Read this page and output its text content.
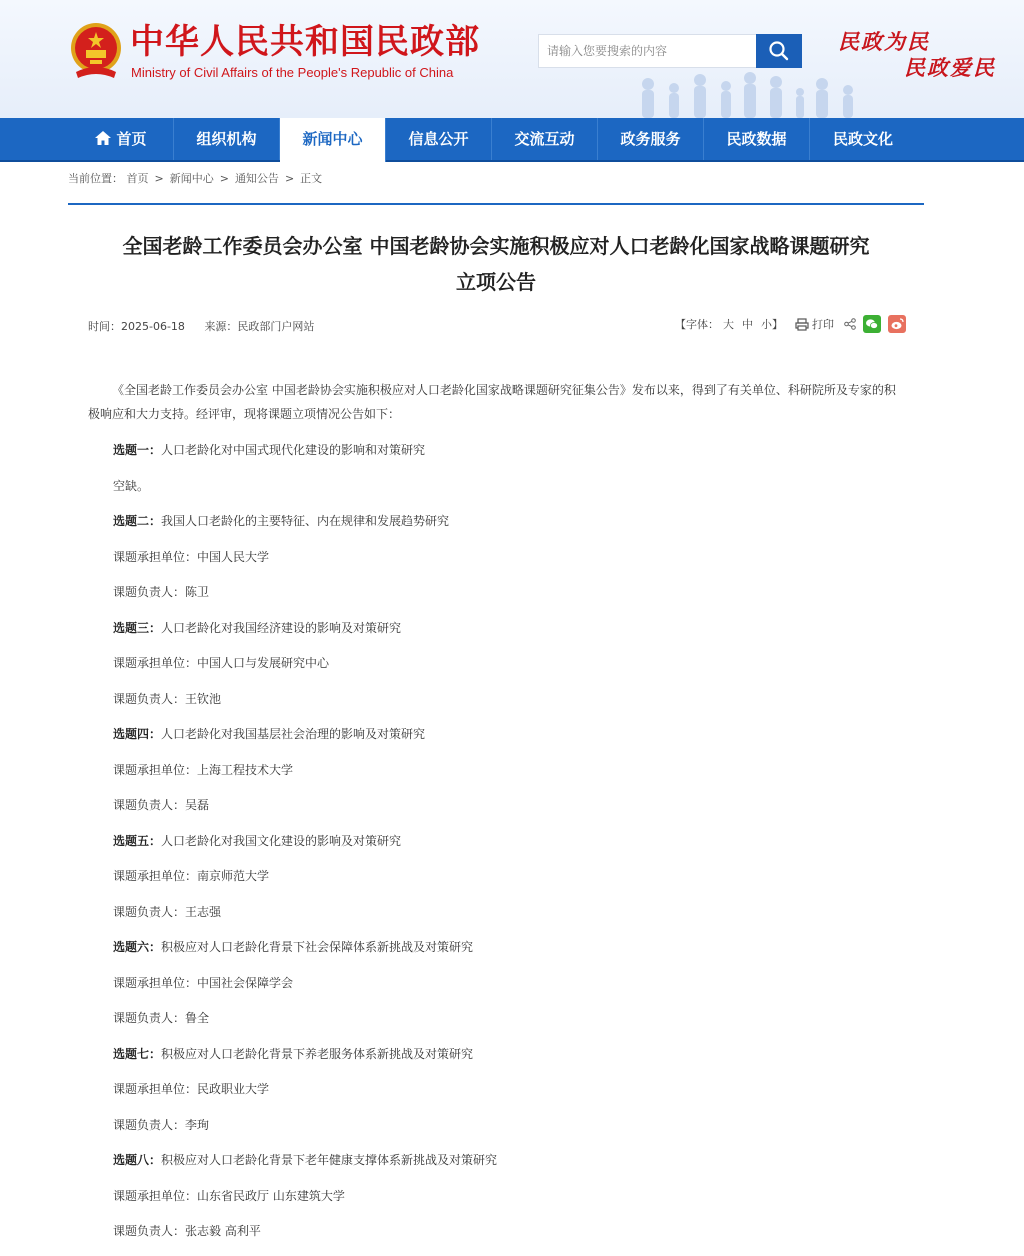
中华人民共和国民政部
Ministry of Civil Affairs of the People's Republic of China
请输入您要搜索的内容
民政为民
民政爱民
首页	组织机构	新闻中心	信息公开	交流互动	政务服务	民政数据	民政文化
当前位置： 首页 > 新闻中心 > 通知公告 > 正文
全国老龄工作委员会办公室 中国老龄协会实施积极应对人口老龄化国家战略课题研究
立项公告
时间：2025-06-18 来源：民政部门户网站	【字体： 大 中 小】	打印

《全国老龄工作委员会办公室 中国老龄协会实施积极应对人口老龄化国家战略课题研究征集公告》发布以来，得到了有关单位、科研院所及专家的积极响应和大力支持。经评审，现将课题立项情况公告如下：

选题一：人口老龄化对中国式现代化建设的影响和对策研究

空缺。

选题二：我国人口老龄化的主要特征、内在规律和发展趋势研究

课题承担单位：中国人民大学

课题负责人：陈卫

选题三：人口老龄化对我国经济建设的影响及对策研究

课题承担单位：中国人口与发展研究中心

课题负责人：王钦池

选题四：人口老龄化对我国基层社会治理的影响及对策研究

课题承担单位：上海工程技术大学

课题负责人：吴磊

选题五：人口老龄化对我国文化建设的影响及对策研究

课题承担单位：南京师范大学

课题负责人：王志强

选题六：积极应对人口老龄化背景下社会保障体系新挑战及对策研究

课题承担单位：中国社会保障学会

课题负责人：鲁全

选题七：积极应对人口老龄化背景下养老服务体系新挑战及对策研究

课题承担单位：民政职业大学

课题负责人：李珣

选题八：积极应对人口老龄化背景下老年健康支撑体系新挑战及对策研究

课题承担单位：山东省民政厅 山东建筑大学

课题负责人：张志毅 高利平
